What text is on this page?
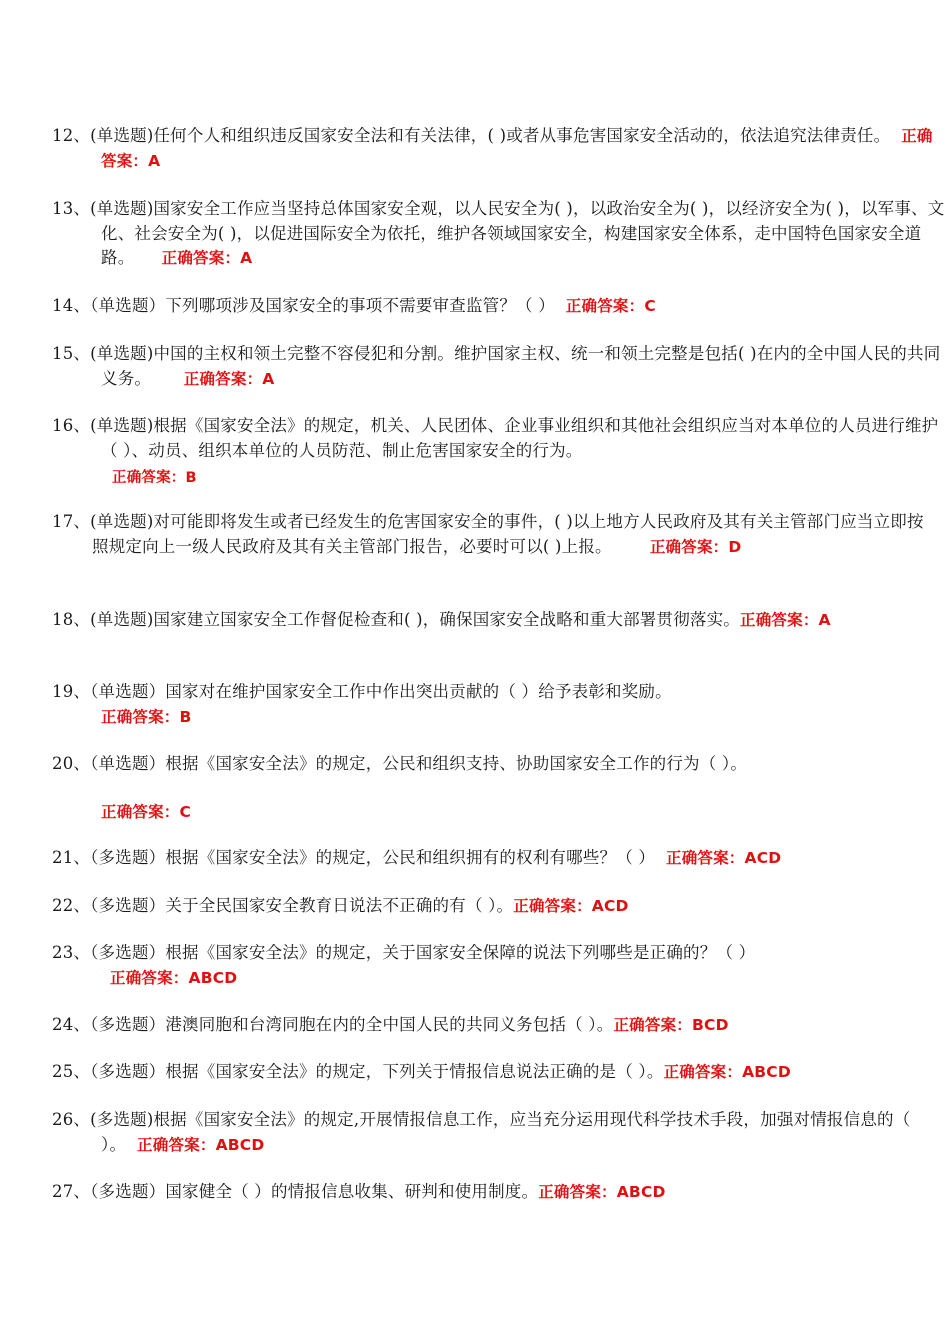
12、(单选题)任何个人和组织违反国家安全法和有关法律，( )或者从事危害国家安全活动的，依法追究法律责任。 正确答案：A
13、(单选题)国家安全工作应当坚持总体国家安全观，以人民安全为( )，以政治安全为( )，以经济安全为( )，以军事、文化、社会安全为( )，以促进国际安全为依托，维护各领域国家安全，构建国家安全体系，走中国特色国家安全道路。 正确答案：A
14、（单选题）下列哪项涉及国家安全的事项不需要审查监管？（ ） 正确答案：C
15、(单选题)中国的主权和领土完整不容侵犯和分割。维护国家主权、统一和领土完整是包括( )在内的全中国人民的共同义务。 正确答案：A
16、(单选题)根据《国家安全法》的规定，机关、人民团体、企业事业组织和其他社会组织应当对本单位的人员进行维护（ ）、动员、组织本单位的人员防范、制止危害国家安全的行为。
正确答案：B
17、(单选题)对可能即将发生或者已经发生的危害国家安全的事件，( )以上地方人民政府及其有关主管部门应当立即按照规定向上一级人民政府及其有关主管部门报告，必要时可以( )上报。 正确答案：D
18、(单选题)国家建立国家安全工作督促检查和( )，确保国家安全战略和重大部署贯彻落实。正确答案：A
19、（单选题）国家对在维护国家安全工作中作出突出贡献的（ ）给予表彰和奖励。
正确答案：B
20、（单选题）根据《国家安全法》的规定，公民和组织支持、协助国家安全工作的行为（ ）。
正确答案：C
21、（多选题）根据《国家安全法》的规定，公民和组织拥有的权利有哪些？（ ） 正确答案：ACD
22、（多选题）关于全民国家安全教育日说法不正确的有（ ）。正确答案：ACD
23、（多选题）根据《国家安全法》的规定，关于国家安全保障的说法下列哪些是正确的？（ ）
正确答案：ABCD
24、（多选题）港澳同胞和台湾同胞在内的全中国人民的共同义务包括（ ）。正确答案：BCD
25、（多选题）根据《国家安全法》的规定，下列关于情报信息说法正确的是（ ）。正确答案：ABCD
26、(多选题)根据《国家安全法》的规定,开展情报信息工作，应当充分运用现代科学技术手段，加强对情报信息的（ ）。 正确答案：ABCD
27、（多选题）国家健全（ ）的情报信息收集、研判和使用制度。正确答案：ABCD
